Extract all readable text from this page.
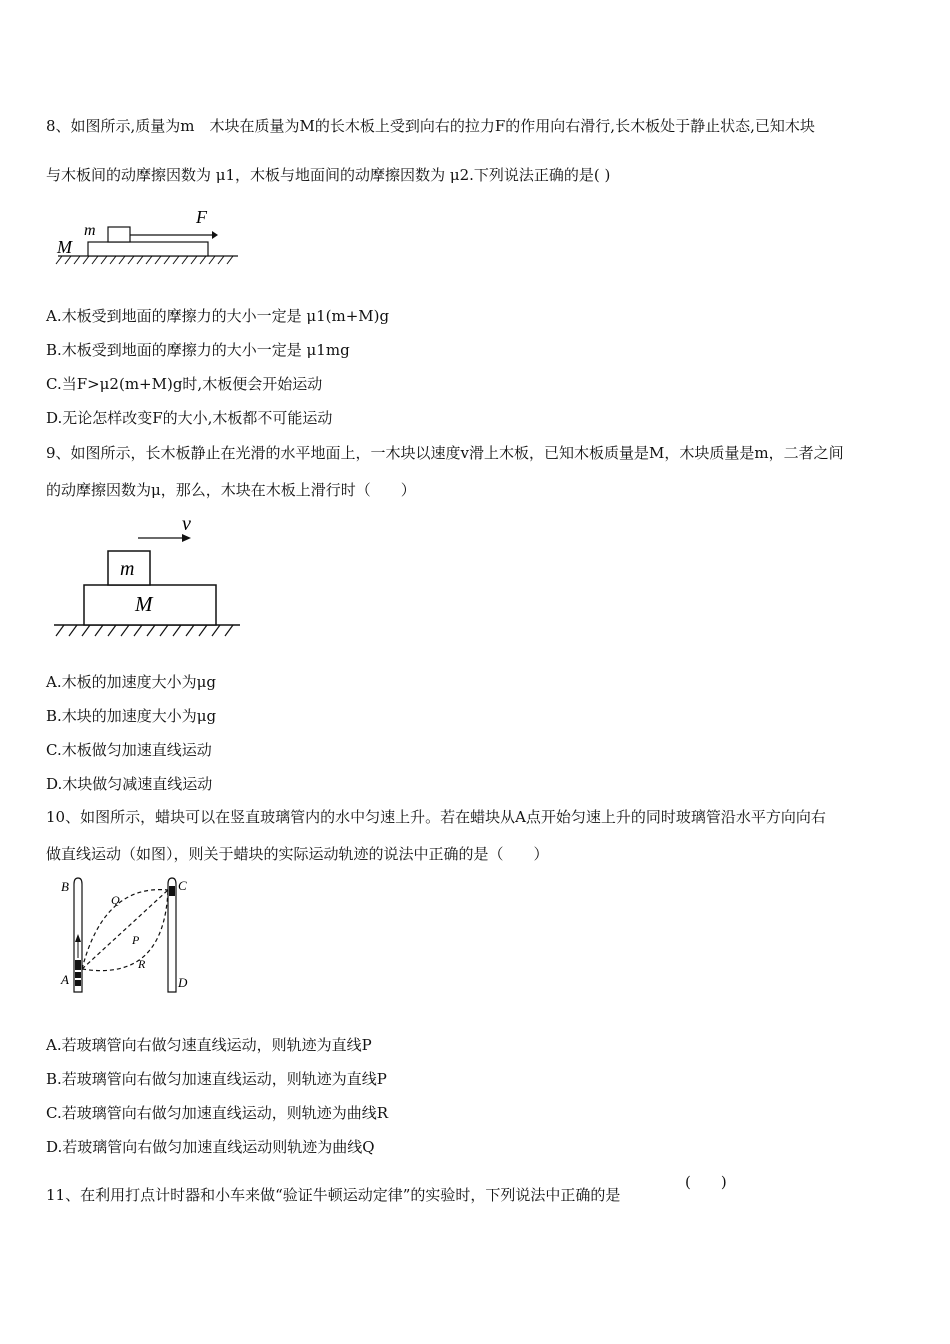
8、如图所示,质量为m　木块在质量为M的长木板上受到向右的拉力F的作用向右滑行,长木板处于静止状态,已知木块
与木板间的动摩擦因数为 μ1，木板与地面间的动摩擦因数为 μ2.下列说法正确的是( )
m
M
F
A.木板受到地面的摩擦力的大小一定是 μ1(m+M)g
B.木板受到地面的摩擦力的大小一定是 μ1mg
C.当F>μ2(m+M)g时,木板便会开始运动
D.无论怎样改变F的大小,木板都不可能运动
9、如图所示，长木板静止在光滑的水平地面上，一木块以速度v滑上木板，已知木板质量是M，木块质量是m，二者之间
的动摩擦因数为μ，那么，木块在木板上滑行时（　　）
v
m
M
A.木板的加速度大小为μg
B.木块的加速度大小为μg
C.木板做匀加速直线运动
D.木块做匀减速直线运动
10、如图所示，蜡块可以在竖直玻璃管内的水中匀速上升。若在蜡块从A点开始匀速上升的同时玻璃管沿水平方向向右
做直线运动（如图），则关于蜡块的实际运动轨迹的说法中正确的是（　　）
B
A
C
D
Q
P
R
A.若玻璃管向右做匀速直线运动，则轨迹为直线P
B.若玻璃管向右做匀加速直线运动，则轨迹为直线P
C.若玻璃管向右做匀加速直线运动，则轨迹为曲线R
D.若玻璃管向右做匀加速直线运动则轨迹为曲线Q
11、在利用打点计时器和小车来做“验证牛顿运动定律”的实验时，下列说法中正确的是
(　　)
